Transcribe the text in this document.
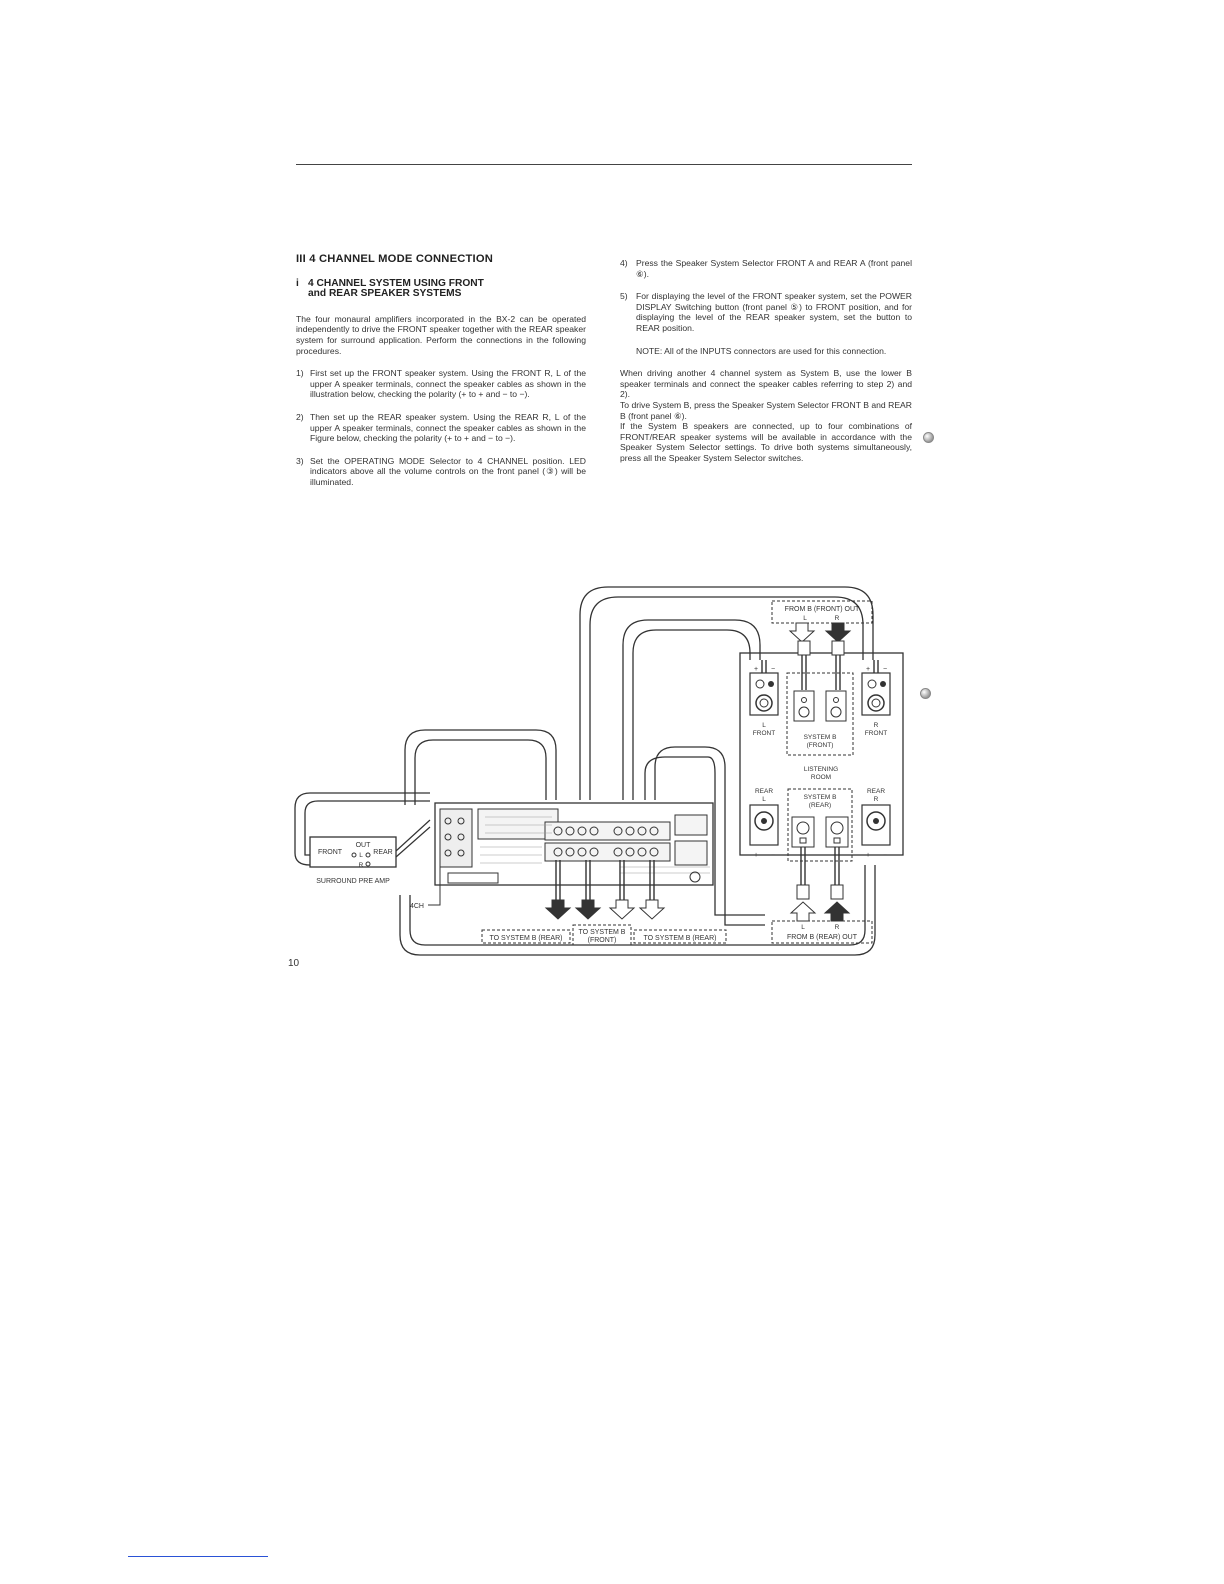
III 4 CHANNEL MODE CONNECTION
i 4 CHANNEL SYSTEM USING FRONT
and REAR SPEAKER SYSTEMS
The four monaural amplifiers incorporated in the BX-2 can be operated independently to drive the FRONT speaker together with the REAR speaker system for surround application. Perform the connections in the following procedures.
1) First set up the FRONT speaker system. Using the FRONT R, L of the upper A speaker terminals, connect the speaker cables as shown in the illustration below, checking the polarity (+ to + and − to −).
2) Then set up the REAR speaker system. Using the REAR R, L of the upper A speaker terminals, connect the speaker cables as shown in the Figure below, checking the polarity (+ to + and − to −).
3) Set the OPERATING MODE Selector to 4 CHANNEL position. LED indicators above all the volume controls on the front panel (③) will be illuminated.
4) Press the Speaker System Selector FRONT A and REAR A (front panel ⑥).
5) For displaying the level of the FRONT speaker system, set the POWER DISPLAY Switching button (front panel ⑤) to FRONT position, and for displaying the level of the REAR speaker system, set the button to REAR position.
NOTE: All of the INPUTS connectors are used for this connection.
When driving another 4 channel system as System B, use the lower B speaker terminals and connect the speaker cables referring to step 2) and 2).
To drive System B, press the Speaker System Selector FRONT B and REAR B (front panel ⑥).
If the System B speakers are connected, up to four combinations of FRONT/REAR speaker systems will be available in accordance with the Speaker System Selector settings. To drive both systems simultaneously, press all the Speaker System Selector switches.
FROM B (FRONT) OUT
L	R
L
FRONT
R
FRONT
+ −	+ −
SYSTEM B
(FRONT)
LISTENING
ROOM
REAR
L
REAR
R
+ −	+ −
SYSTEM B
(REAR)
L	R
FROM B (REAR) OUT
TO SYSTEM B (REAR)
TO SYSTEM B
(FRONT)	TO SYSTEM B (REAR)
4CH
FRONT
OUT
REAR
L
R
SURROUND PRE AMP
10
